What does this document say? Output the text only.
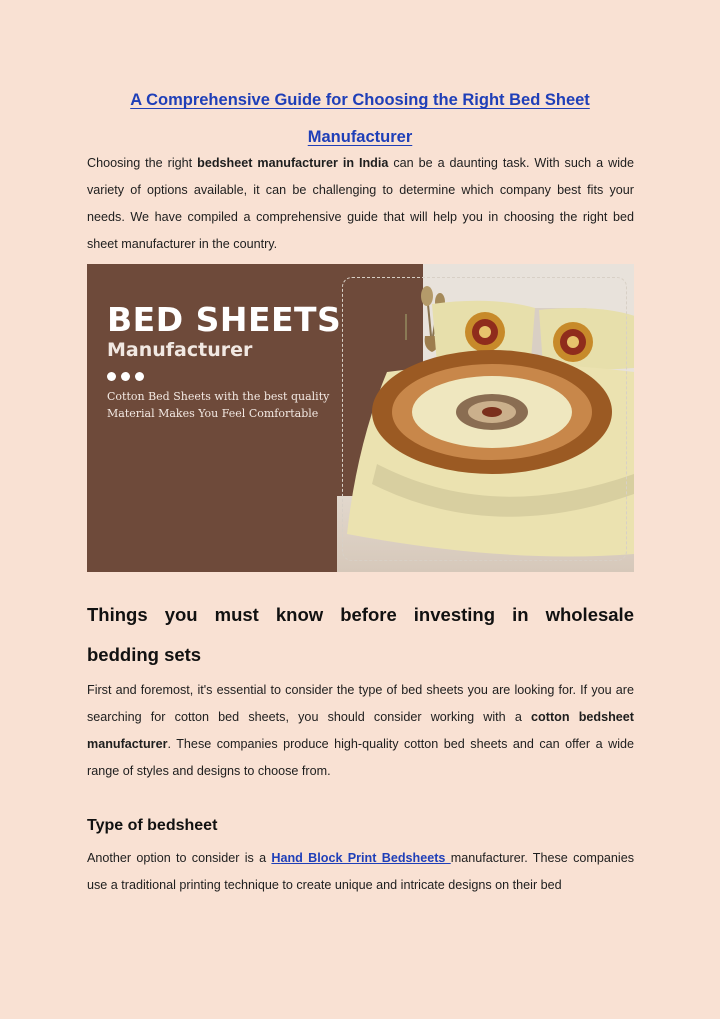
A Comprehensive Guide for Choosing the Right Bed Sheet
Manufacturer
Choosing the right bedsheet manufacturer in India can be a daunting task. With such a wide variety of options available, it can be challenging to determine which company best fits your needs. We have compiled a comprehensive guide that will help you in choosing the right bed sheet manufacturer in the country.
BED SHEETS
Manufacturer
Cotton Bed Sheets with the best quality Material Makes You Feel Comfortable
Things you must know before investing in wholesale
bedding sets
First and foremost, it's essential to consider the type of bed sheets you are looking for. If you are searching for cotton bed sheets, you should consider working with a cotton bedsheet manufacturer. These companies produce high-quality cotton bed sheets and can offer a wide range of styles and designs to choose from.
Type of bedsheet
Another option to consider is a Hand Block Print Bedsheets manufacturer. These companies use a traditional printing technique to create unique and intricate designs on their bed
